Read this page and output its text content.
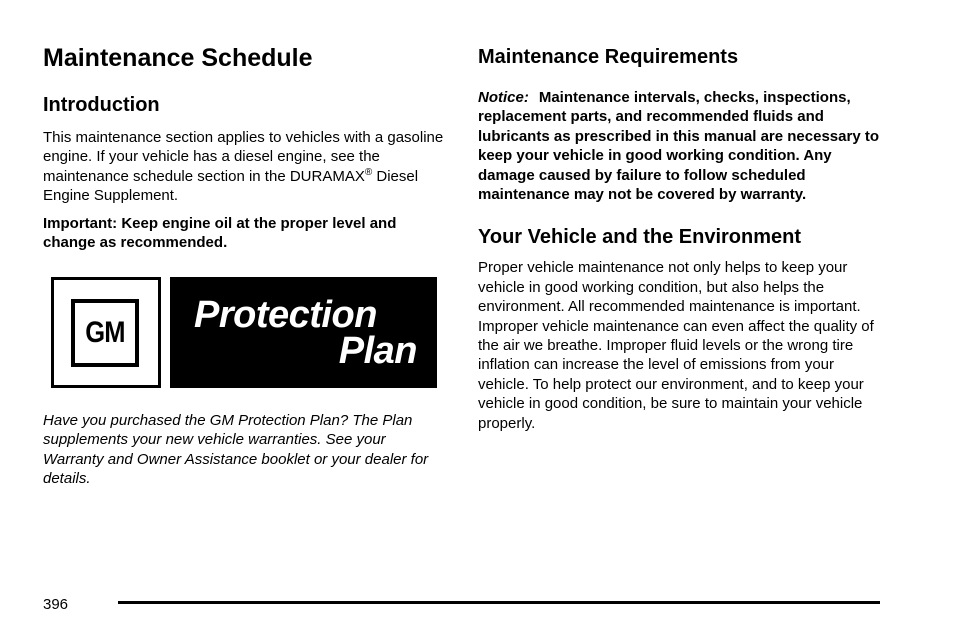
Maintenance Schedule
Introduction

This maintenance section applies to vehicles with a gasoline engine. If your vehicle has a diesel engine, see the maintenance schedule section in the DURAMAX® Diesel Engine Supplement.

Important: Keep engine oil at the proper level and change as recommended.

GM Protection
Plan

Have you purchased the GM Protection Plan? The Plan supplements your new vehicle warranties. See your Warranty and Owner Assistance booklet or your dealer for details.

Maintenance Requirements

Notice: Maintenance intervals, checks, inspections, replacement parts, and recommended fluids and lubricants as prescribed in this manual are necessary to keep your vehicle in good working condition. Any damage caused by failure to follow scheduled maintenance may not be covered by warranty.

Your Vehicle and the Environment

Proper vehicle maintenance not only helps to keep your vehicle in good working condition, but also helps the environment. All recommended maintenance is important. Improper vehicle maintenance can even affect the quality of the air we breathe. Improper fluid levels or the wrong tire inflation can increase the level of emissions from your vehicle. To help protect our environment, and to keep your vehicle in good condition, be sure to maintain your vehicle properly.

396
